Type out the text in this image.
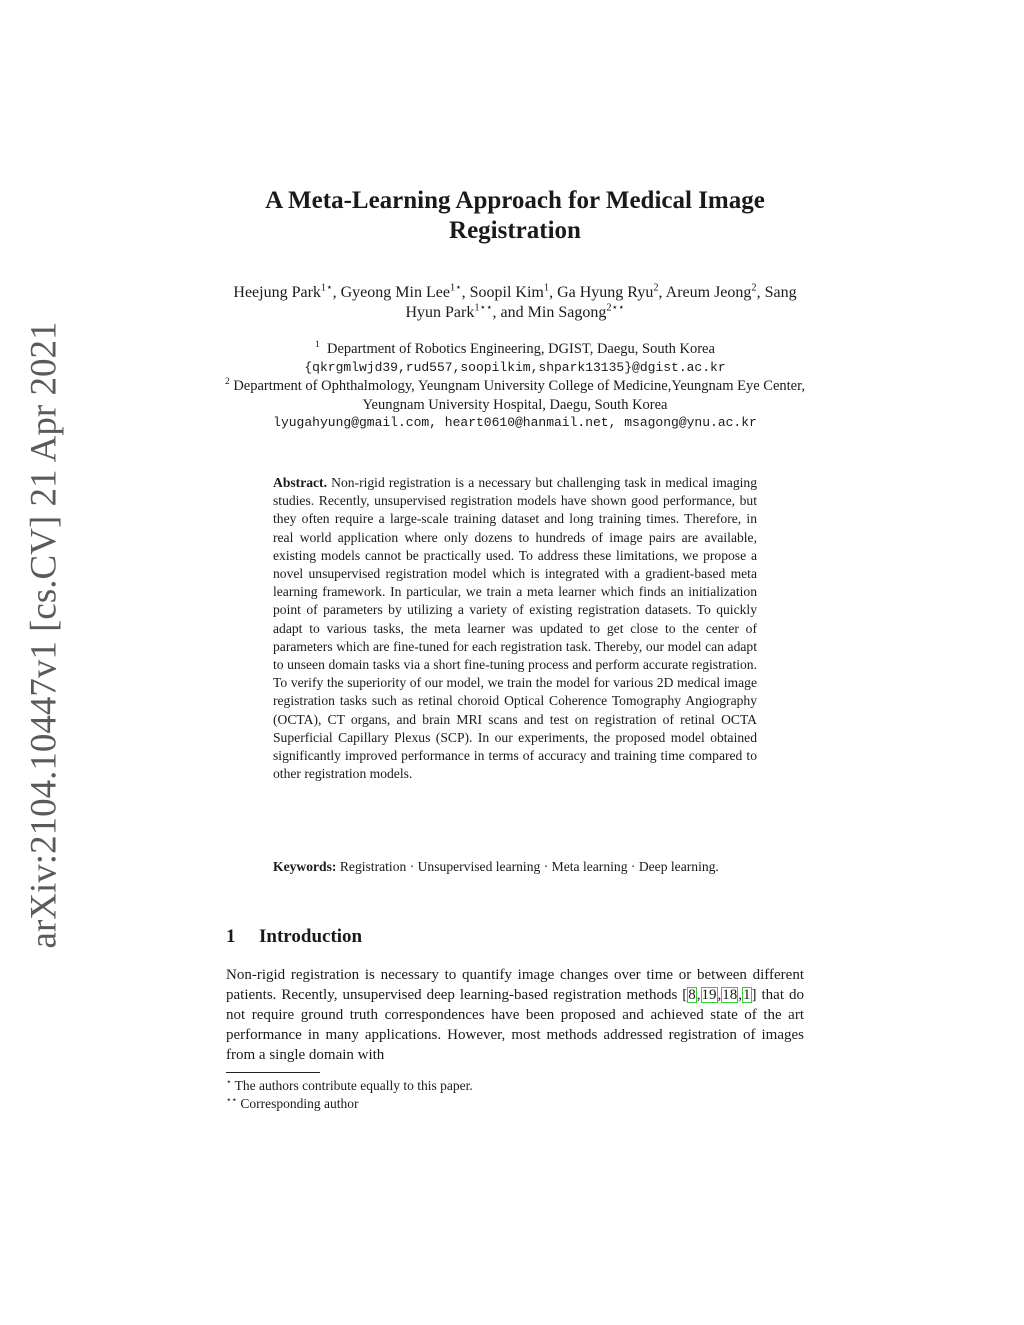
arXiv:2104.10447v1 [cs.CV] 21 Apr 2021
A Meta-Learning Approach for Medical Image
Registration
Heejung Park$^{1⋆}$, Gyeong Min Lee$^{1⋆}$, Soopil Kim$^1$, Ga Hyung Ryu$^2$, Areum Jeong$^2$, Sang Hyun Park$^{1⋆⋆}$, and Min Sagong$^{2⋆⋆}$
$^1$ Department of Robotics Engineering, DGIST, Daegu, South Korea
{qkrgmlwjd39,rud557,soopilkim,shpark13135}@dgist.ac.kr
$^2$ Department of Ophthalmology, Yeungnam University College of Medicine,Yeungnam Eye Center, Yeungnam University Hospital, Daegu, South Korea
lyugahyung@gmail.com, heart0610@hanmail.net, msagong@ynu.ac.kr
Abstract. Non-rigid registration is a necessary but challenging task in medical imaging studies. Recently, unsupervised registration models have shown good performance, but they often require a large-scale training dataset and long training times. Therefore, in real world application where only dozens to hundreds of image pairs are available, existing models cannot be practically used. To address these limitations, we propose a novel unsupervised registration model which is integrated with a gradient-based meta learning framework. In particular, we train a meta learner which finds an initialization point of parameters by utilizing a variety of existing registration datasets. To quickly adapt to various tasks, the meta learner was updated to get close to the center of parameters which are fine-tuned for each registration task. Thereby, our model can adapt to unseen domain tasks via a short fine-tuning process and perform accurate registration. To verify the superiority of our model, we train the model for various 2D medical image registration tasks such as retinal choroid Optical Coherence Tomography Angiography (OCTA), CT organs, and brain MRI scans and test on registration of retinal OCTA Superficial Capillary Plexus (SCP). In our experiments, the proposed model obtained significantly improved performance in terms of accuracy and training time compared to other registration models.
Keywords: Registration · Unsupervised learning · Meta learning · Deep learning.
1 Introduction
Non-rigid registration is necessary to quantify image changes over time or between different patients. Recently, unsupervised deep learning-based registration methods [8,19,18,1] that do not require ground truth correspondences have been proposed and achieved state of the art performance in many applications. However, most methods addressed registration of images from a single domain with
⋆ The authors contribute equally to this paper.
⋆⋆ Corresponding author
